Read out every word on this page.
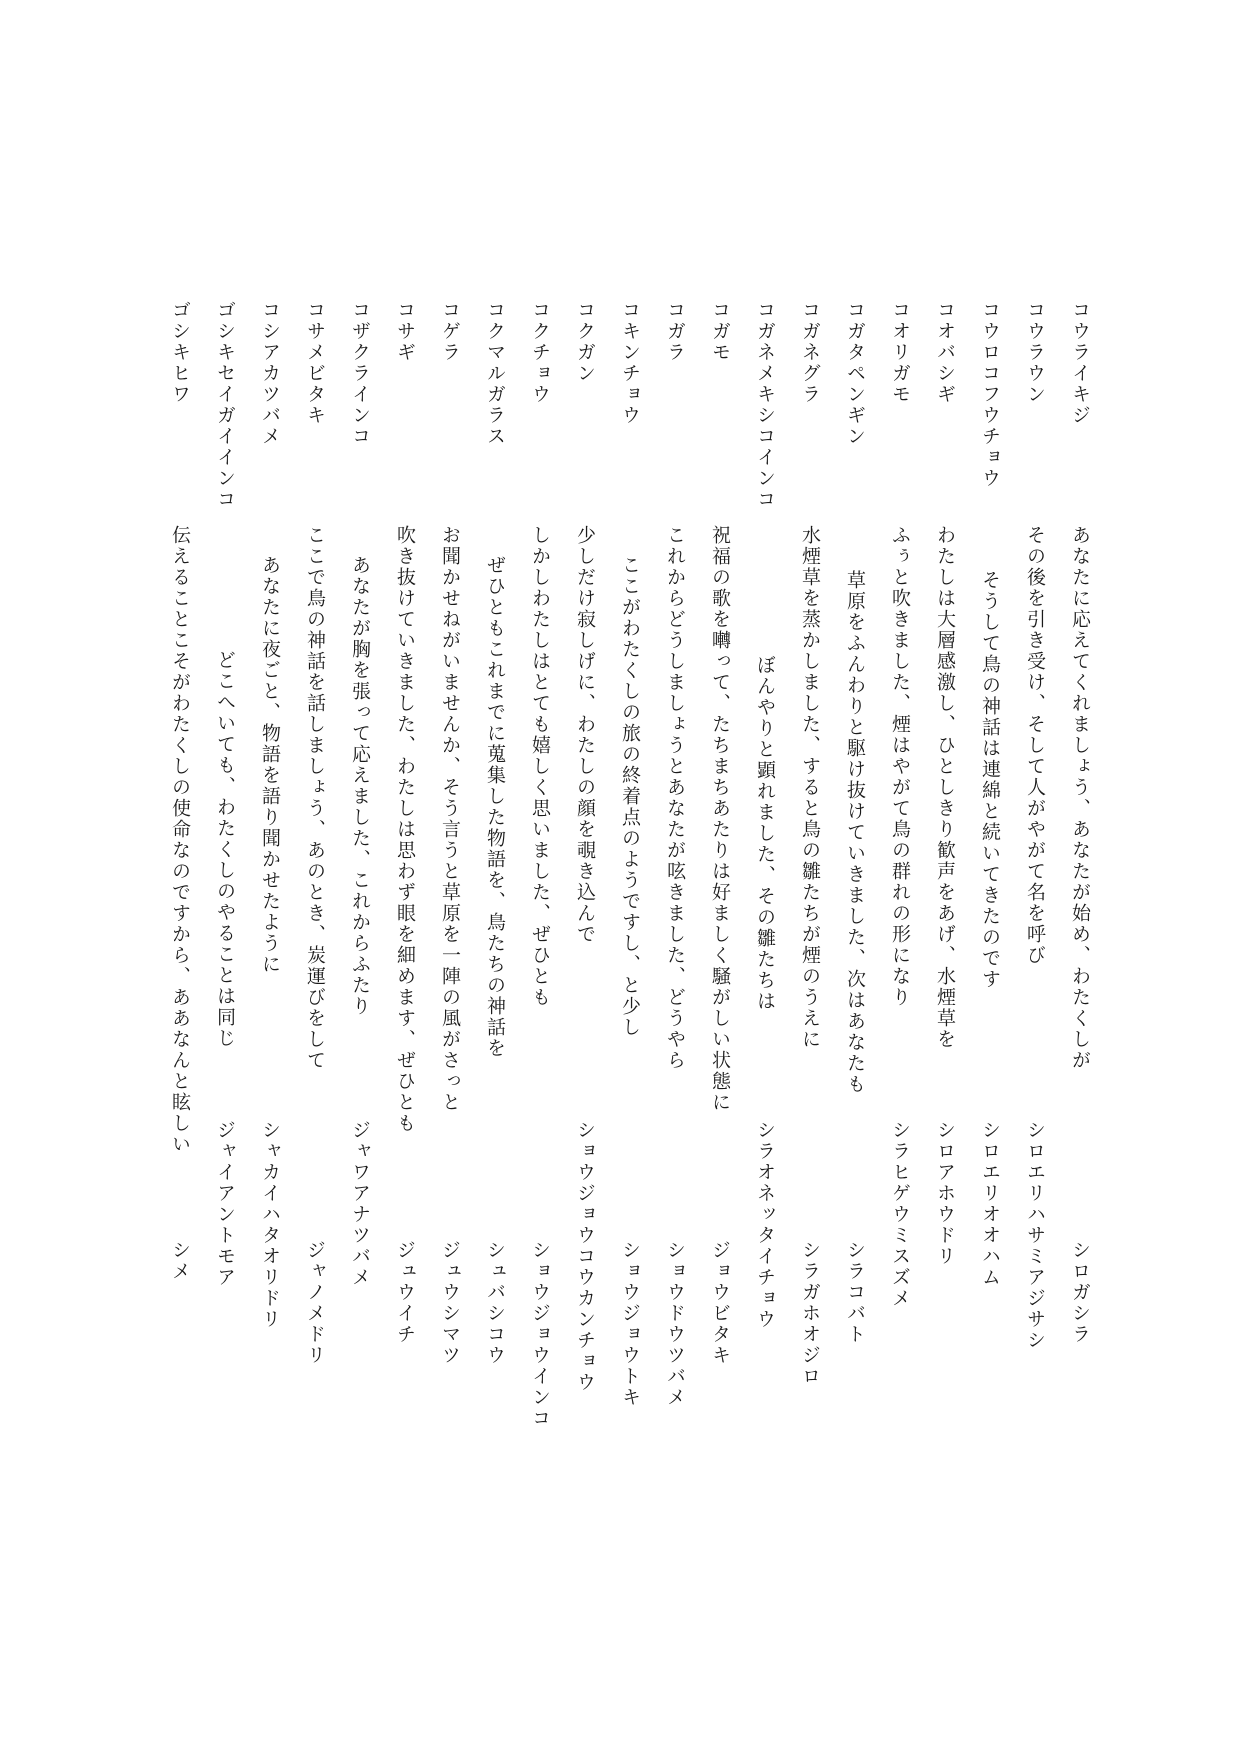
コウライキジ
あなたに応えてくれましょう、あなたが始め、わたくしが
シロガシラ
コウラウン
その後を引き受け、そして人がやがて名を呼び
シロエリハサミアジサシ
コウロコフウチョウ
そうして鳥の神話は連綿と続いてきたのです
シロエリオオハム
コオバシギ
わたしは大層感激し、ひとしきり歓声をあげ、水煙草を
シロアホウドリ
コオリガモ
ふぅと吹きました、煙はやがて鳥の群れの形になり
シラヒゲウミスズメ
コガタペンギン
草原をふんわりと駆け抜けていきました、次はあなたも
シラコバト
コガネグラ
水煙草を蒸かしました、すると鳥の雛たちが煙のうえに
シラガホオジロ
コガネメキシコインコ
ぼんやりと顕れました、その雛たちは
シラオネッタイチョウ
コガモ
祝福の歌を囀って、たちまちあたりは好ましく騒がしい状態に
ジョウビタキ
コガラ
これからどうしましょうとあなたが呟きました、どうやら
ショウドウツバメ
コキンチョウ
ここがわたくしの旅の終着点のようですし、と少し
ショウジョウトキ
コクガン
少しだけ寂しげに、わたしの顔を覗き込んで
ショウジョウコウカンチョウ
コクチョウ
しかしわたしはとても嬉しく思いました、ぜひとも
ショウジョウインコ
コクマルガラス
ぜひともこれまでに蒐集した物語を、鳥たちの神話を
シュバシコウ
コゲラ
お聞かせねがいませんか、そう言うと草原を一陣の風がさっと
ジュウシマツ
コサギ
吹き抜けていきました、わたしは思わず眼を細めます、ぜひとも
ジュウイチ
コザクラインコ
あなたが胸を張って応えました、これからふたり
ジャワアナツバメ
コサメビタキ
ここで鳥の神話を話しましょう、あのとき、炭運びをして
ジャノメドリ
コシアカツバメ
あなたに夜ごと、物語を語り聞かせたように
シャカイハタオリドリ
ゴシキセイガイインコ
どこへいても、わたくしのやることは同じ
ジャイアントモア
ゴシキヒワ
伝えることこそがわたくしの使命なのですから、ああなんと眩しい
シメ
